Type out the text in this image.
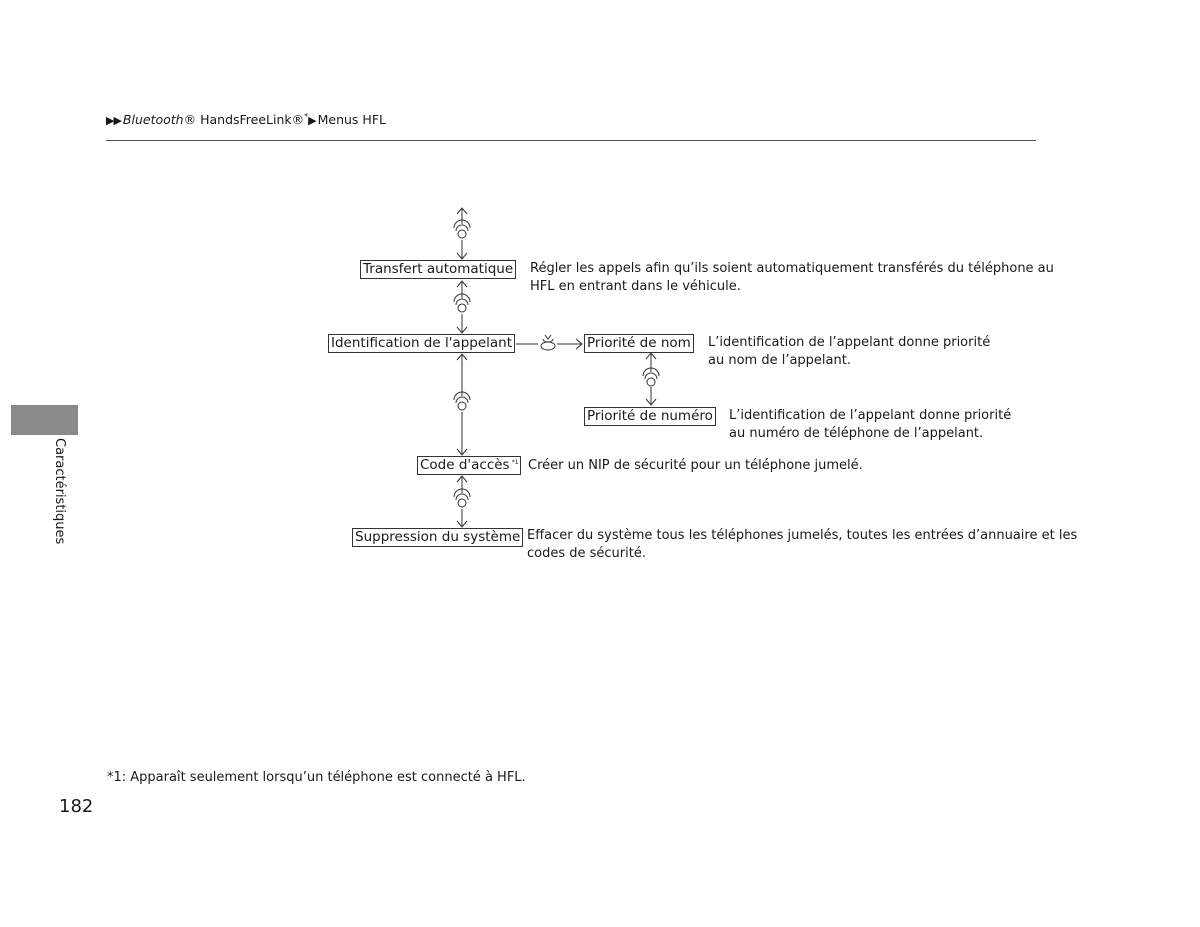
▶▶ Bluetooth® HandsFreeLink®*▶ Menus HFL
Caractéristiques
Transfert automatique
Identification de l'appelant	Priorité de nom
Priorité de numéro
Code d'accès *1
Suppression du système
Régler les appels afin qu’ils soient automatiquement transférés du téléphone au
HFL en entrant dans le véhicule.
L’identification de l’appelant donne priorité
au nom de l’appelant.
L’identification de l’appelant donne priorité
au numéro de téléphone de l’appelant.
Créer un NIP de sécurité pour un téléphone jumelé.
Effacer du système tous les téléphones jumelés, toutes les entrées d’annuaire et les
codes de sécurité.
*1: Apparaît seulement lorsqu’un téléphone est connecté à HFL.
182
